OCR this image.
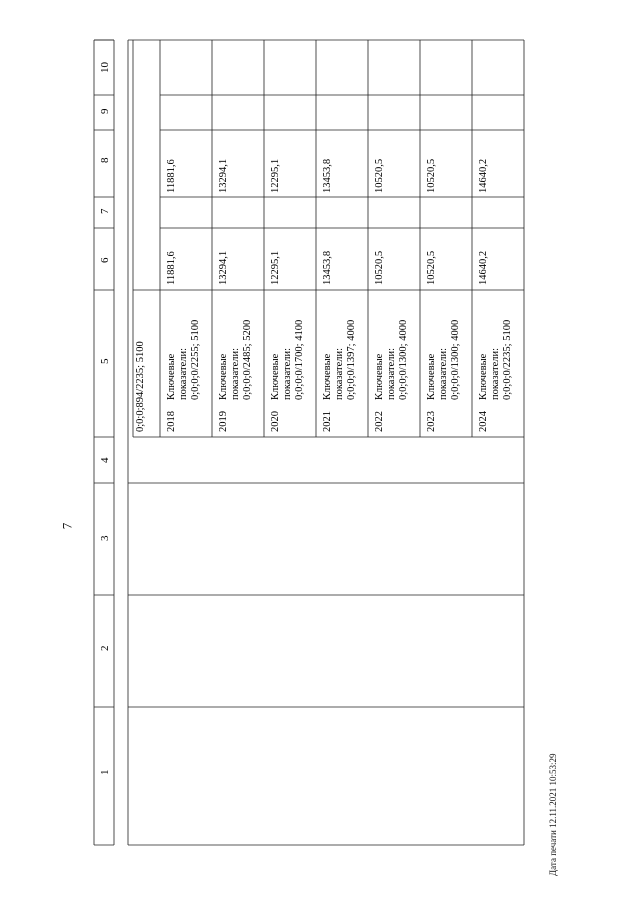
7
Дата печати 12.11.2021 10:53:29
1
2
3
4
5
6
7
8
9
10
0;0;0;894/2235; 5100 2018
Ключевые показатели: 0;0;0;0/2255; 5100
11881,6
11881,6
2019
Ключевые показатели: 0;0;0;0/2485; 5200
13294,1
13294,1
2020
Ключевые показатели: 0;0;0;0/1700; 4100
12295,1
12295,1
2021
Ключевые показатели: 0;0;0;0/1397; 4000
13453,8
13453,8
2022
Ключевые показатели: 0;0;0;0/1300; 4000
10520,5
10520,5
2023
Ключевые показатели: 0;0;0;0/1300; 4000
10520,5
10520,5
2024
Ключевые показатели: 0;0;0;0/2235; 5100
14640,2
14640,2
